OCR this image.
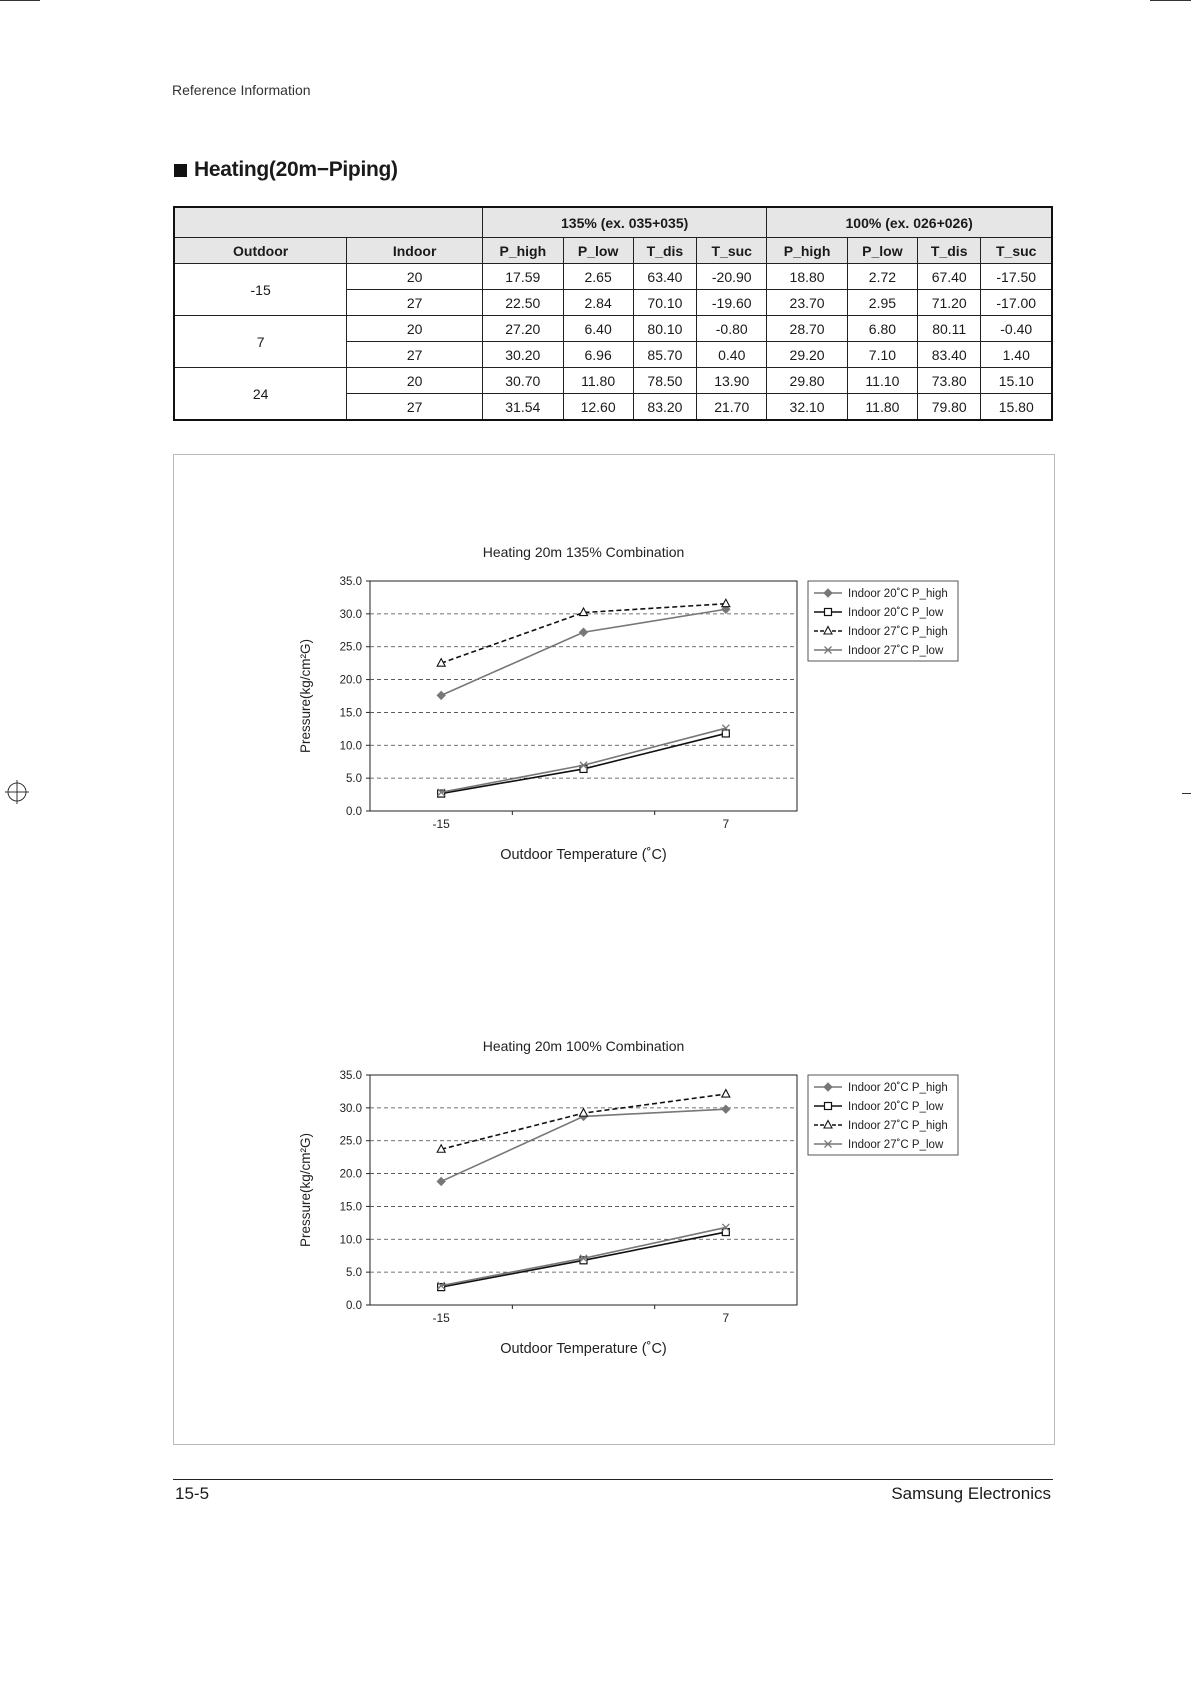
Reference Information
Heating(20m−Piping)
		135% (ex. 035+035)				100% (ex. 026+026)			
Outdoor	Indoor	P_high	P_low	T_dis	T_suc	P_high	P_low	T_dis	T_suc
-15	20	17.59	2.65	63.40	-20.90	18.80	2.72	67.40	-17.50
	27	22.50	2.84	70.10	-19.60	23.70	2.95	71.20	-17.00
7	20	27.20	6.40	80.10	-0.80	28.70	6.80	80.11	-0.40
	27	30.20	6.96	85.70	0.40	29.20	7.10	83.40	1.40
24	20	30.70	11.80	78.50	13.90	29.80	11.10	73.80	15.10
	27	31.54	12.60	83.20	21.70	32.10	11.80	79.80	15.80
Heating 20m 135% Combination
0.0
5.0
10.0
15.0
20.0
25.0
30.0
35.0
-15	7
Outdoor Temperature (˚C)
Pressure(kg/cm²G)
Indoor 20˚C P_high
Indoor 20˚C P_low
Indoor 27˚C P_high
Indoor 27˚C P_low
Heating 20m 100% Combination
0.0
5.0
10.0
15.0
20.0
25.0
30.0
35.0
-15	7
Outdoor Temperature (˚C)
Pressure(kg/cm²G)
Indoor 20˚C P_high
Indoor 20˚C P_low
Indoor 27˚C P_high
Indoor 27˚C P_low
15-5	Samsung Electronics
